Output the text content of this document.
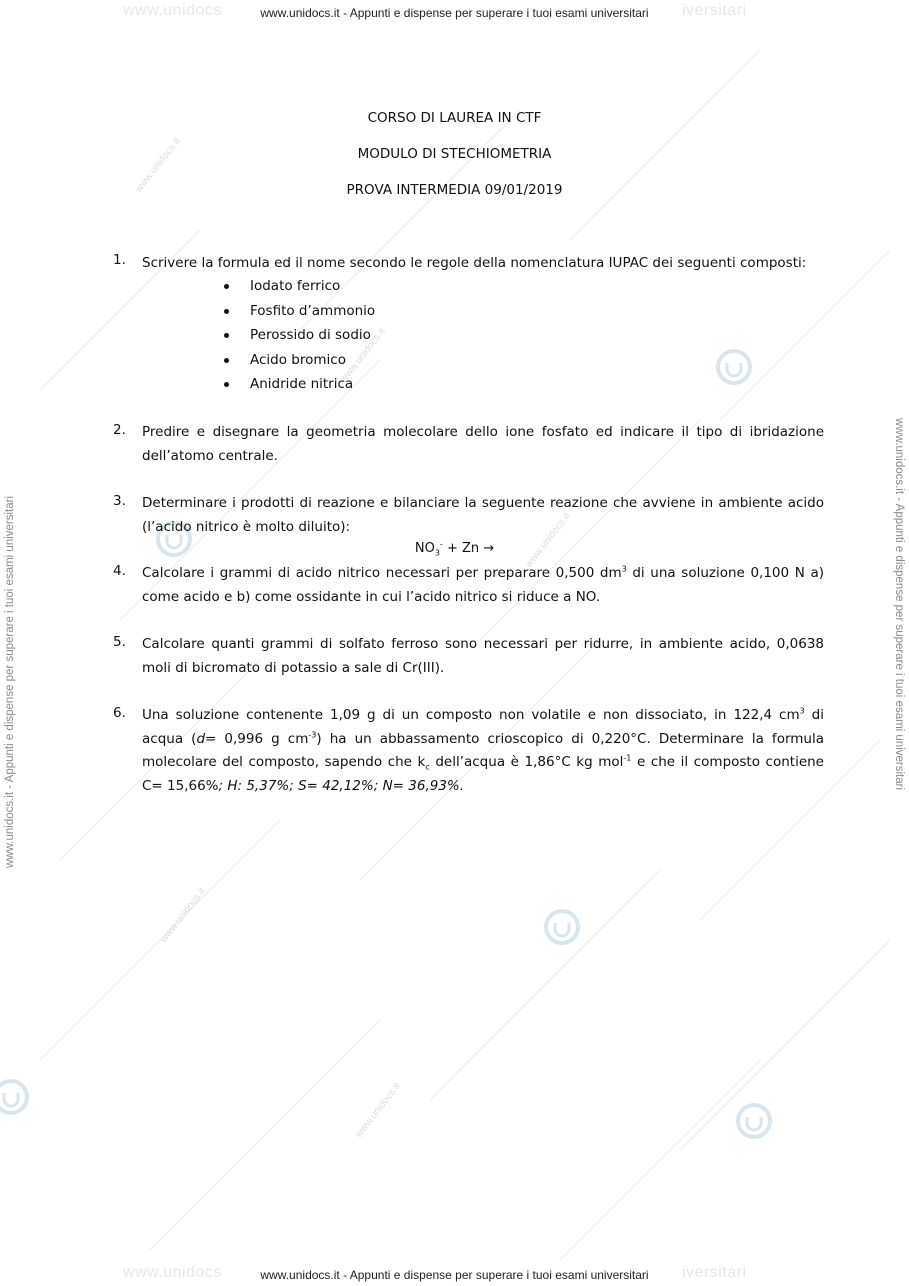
www.unidocs.it
www.unidocs.it
www.unidocs.it
www.unidocs.it
www.unidocs.it
www.unidocs	iversitari
www.unidocs.it - Appunti e dispense per superare i tuoi esami universitari
www.unidocs	iversitari
www.unidocs.it - Appunti e dispense per superare i tuoi esami universitari
www.unidocs.it - Appunti e dispense per superare i tuoi esami universitari	www.unidocs.it - Appunti e dispense per superare i tuoi esami universitari
CORSO DI LAUREA IN CTF
MODULO DI STECHIOMETRIA
PROVA INTERMEDIA 09/01/2019
1.	Scrivere la formula ed il nome secondo le regole della nomenclatura IUPAC dei seguenti composti:
Iodato ferrico
Fosfito d’ammonio
Perossido di sodio
Acido bromico
Anidride nitrica
2.	Predire e disegnare la geometria molecolare dello ione fosfato ed indicare il tipo di ibridazione dell’atomo centrale.
3.	Determinare i prodotti di reazione e bilanciare la seguente reazione che avviene in ambiente acido (l’acido nitrico è molto diluito):
$NO_3^- + Zn$ →
4.	Calcolare i grammi di acido nitrico necessari per preparare 0,500 $dm^3$ di una soluzione 0,100 N a) come acido e b) come ossidante in cui l’acido nitrico si riduce a NO.
5.	Calcolare quanti grammi di solfato ferroso sono necessari per ridurre, in ambiente acido, 0,0638 moli di bicromato di potassio a sale di Cr(III).
6.	Una soluzione contenente 1,09 g di un composto non volatile e non dissociato, in 122,4 $cm^3$ di acqua (d= 0,996 g $cm^{-3}$) ha un abbassamento crioscopico di 0,220°C. Determinare la formula molecolare del composto, sapendo che $k_c$ dell’acqua è 1,86°C kg mol$^{-1}$ e che il composto contiene C= 15,66%; H: 5,37%; S= 42,12%; N= 36,93%.
